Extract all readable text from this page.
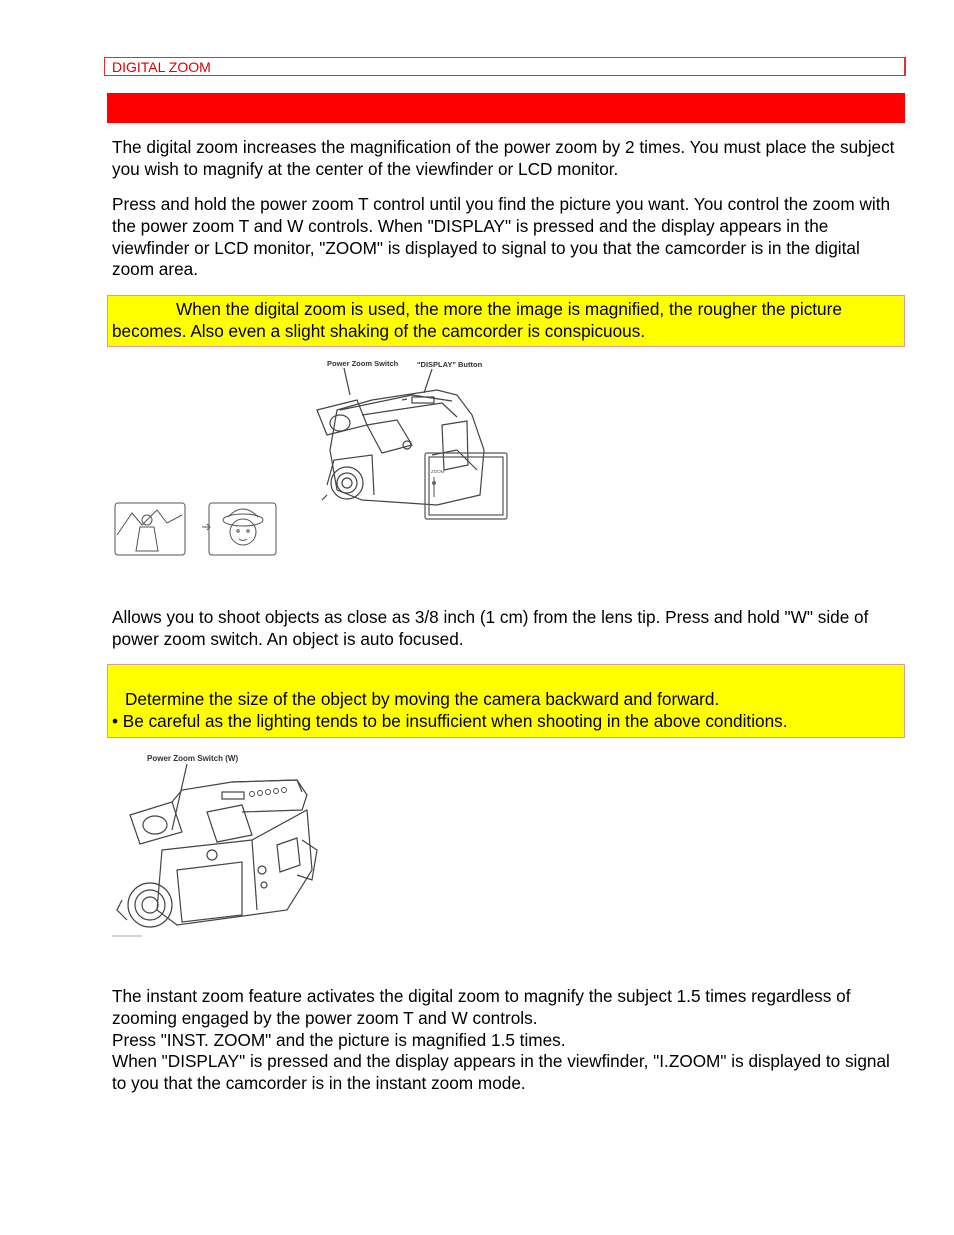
DIGITAL ZOOM
The digital zoom increases the magnification of the power zoom by 2 times. You must place the subject you wish to magnify at the center of the viewfinder or LCD monitor.
Press and hold the power zoom T control until you find the picture you want. You control the zoom with the power zoom T and W controls. When "DISPLAY" is pressed and the display appears in the viewfinder or LCD monitor, "ZOOM" is displayed to signal to you that the camcorder is in the digital zoom area.
When the digital zoom is used, the more the image is magnified, the rougher the picture becomes. Also even a slight shaking of the camcorder is conspicuous.
Power Zoom Switch "DISPLAY" Button
ZOOM
Allows you to shoot objects as close as 3/8 inch (1 cm) from the lens tip. Press and hold "W" side of power zoom switch. An object is auto focused.
Determine the size of the object by moving the camera backward and forward.
• Be careful as the lighting tends to be insufficient when shooting in the above conditions.
Power Zoom Switch (W)
The instant zoom feature activates the digital zoom to magnify the subject 1.5 times regardless of zooming engaged by the power zoom T and W controls.
Press "INST. ZOOM" and the picture is magnified 1.5 times.
When "DISPLAY" is pressed and the display appears in the viewfinder, "I.ZOOM" is displayed to signal to you that the camcorder is in the instant zoom mode.
